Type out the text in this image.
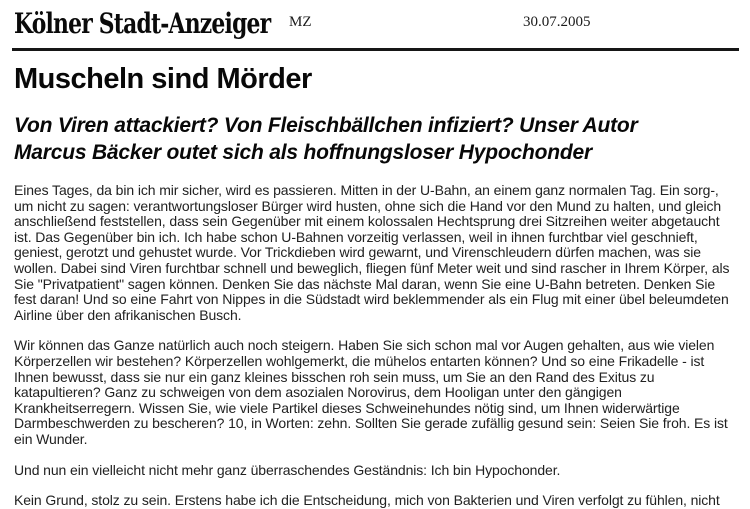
Kölner Stadt-Anzeiger MZ	30.07.2005
Muscheln sind Mörder
Von Viren attackiert? Von Fleischbällchen infiziert? Unser Autor Marcus Bäcker outet sich als hoffnungsloser Hypochonder

Eines Tages, da bin ich mir sicher, wird es passieren. Mitten in der U-Bahn, an einem ganz normalen Tag. Ein sorg-, um nicht zu sagen: verantwortungsloser Bürger wird husten, ohne sich die Hand vor den Mund zu halten, und gleich anschließend feststellen, dass sein Gegenüber mit einem kolossalen Hechtsprung drei Sitzreihen weiter abgetaucht ist. Das Gegenüber bin ich. Ich habe schon U-Bahnen vorzeitig verlassen, weil in ihnen furchtbar viel geschnieft, geniest, gerotzt und gehustet wurde. Vor Trickdieben wird gewarnt, und Virenschleudern dürfen machen, was sie wollen. Dabei sind Viren furchtbar schnell und beweglich, fliegen fünf Meter weit und sind rascher in Ihrem Körper, als Sie "Privatpatient" sagen können. Denken Sie das nächste Mal daran, wenn Sie eine U-Bahn betreten. Denken Sie fest daran! Und so eine Fahrt von Nippes in die Südstadt wird beklemmender als ein Flug mit einer übel beleumdeten Airline über den afrikanischen Busch.

Wir können das Ganze natürlich auch noch steigern. Haben Sie sich schon mal vor Augen gehalten, aus wie vielen Körperzellen wir bestehen? Körperzellen wohlgemerkt, die mühelos entarten können? Und so eine Frikadelle - ist Ihnen bewusst, dass sie nur ein ganz kleines bisschen roh sein muss, um Sie an den Rand des Exitus zu katapultieren? Ganz zu schweigen von dem asozialen Norovirus, dem Hooligan unter den gängigen Krankheitserregern. Wissen Sie, wie viele Partikel dieses Schweinehundes nötig sind, um Ihnen widerwärtige Darmbeschwerden zu bescheren? 10, in Worten: zehn. Sollten Sie gerade zufällig gesund sein: Seien Sie froh. Es ist ein Wunder.

Und nun ein vielleicht nicht mehr ganz überraschendes Geständnis: Ich bin Hypochonder.

Kein Grund, stolz zu sein. Erstens habe ich die Entscheidung, mich von Bakterien und Viren verfolgt zu fühlen, nicht
